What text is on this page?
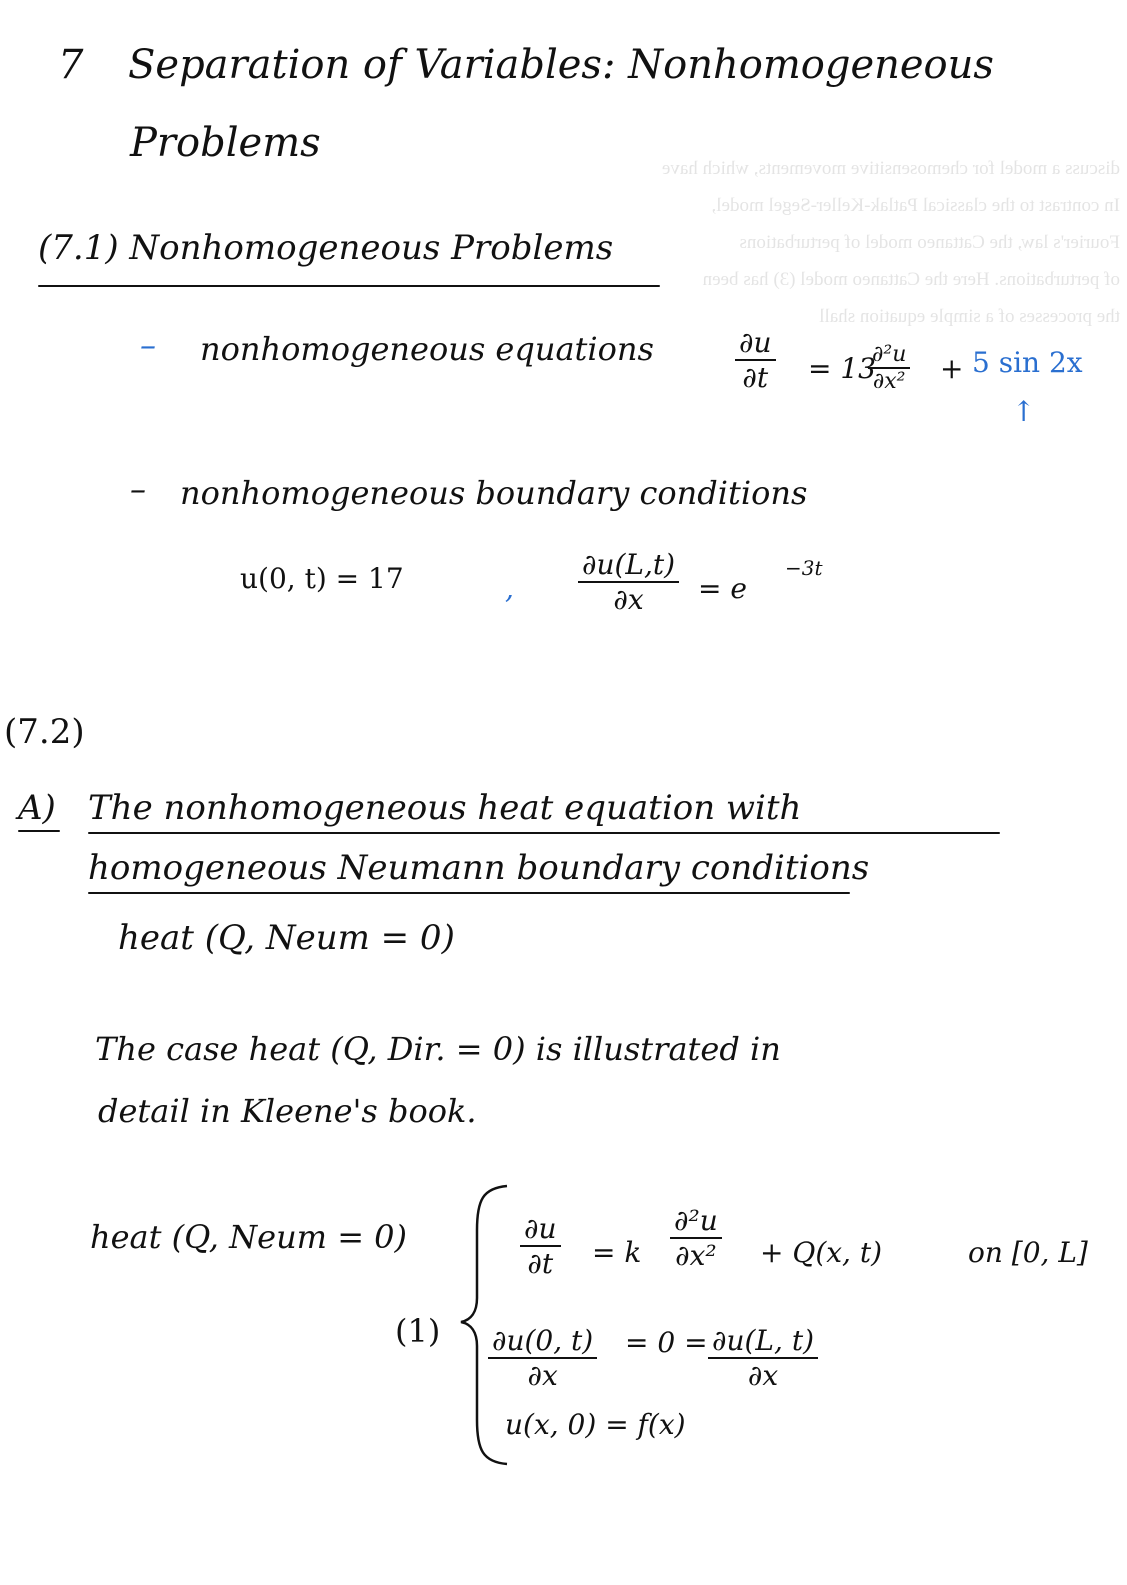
discuss a model for chemosensitive movements, which have
In contrast to the classical Patlak-Keller-Segel model,
Fourier's law, the Cattaneo model of perturbations
of perturbations. Here the Cattaneo model (3) has been
the processes of a simple equation shall
7 Separation of Variables: Nonhomogeneous
Problems
(7.1) Nonhomogeneous Problems
– nonhomogeneous equations	$\frac{\partial u}{\partial t} = 13$
$\frac{\text{∂²u}}{\text{∂x²}} + 5$ sin 2x
↑
– nonhomogeneous boundary conditions
u(0, t) = 17	, $\frac{\partial u(L,t)}{\partial x} = e$
−3t
(7.2)
A) The nonhomogeneous heat equation with
homogeneous Neumann boundary conditions
heat (Q, Neum = 0)
The case heat (Q, Dir. = 0) is illustrated in
detail in Kleene's book.
heat (Q, Neum = 0)
(1)
$\frac{\partial u}{\partial t} = k \frac{\text{∂²u}}{\text{∂x²}} + Q(x$, t)	on [0, L]
$\frac{\partial u(0, t)}{\partial x} = 0 = \frac{\partial u(L, t)}{\partial x}$
u(x, 0) = f(x)
